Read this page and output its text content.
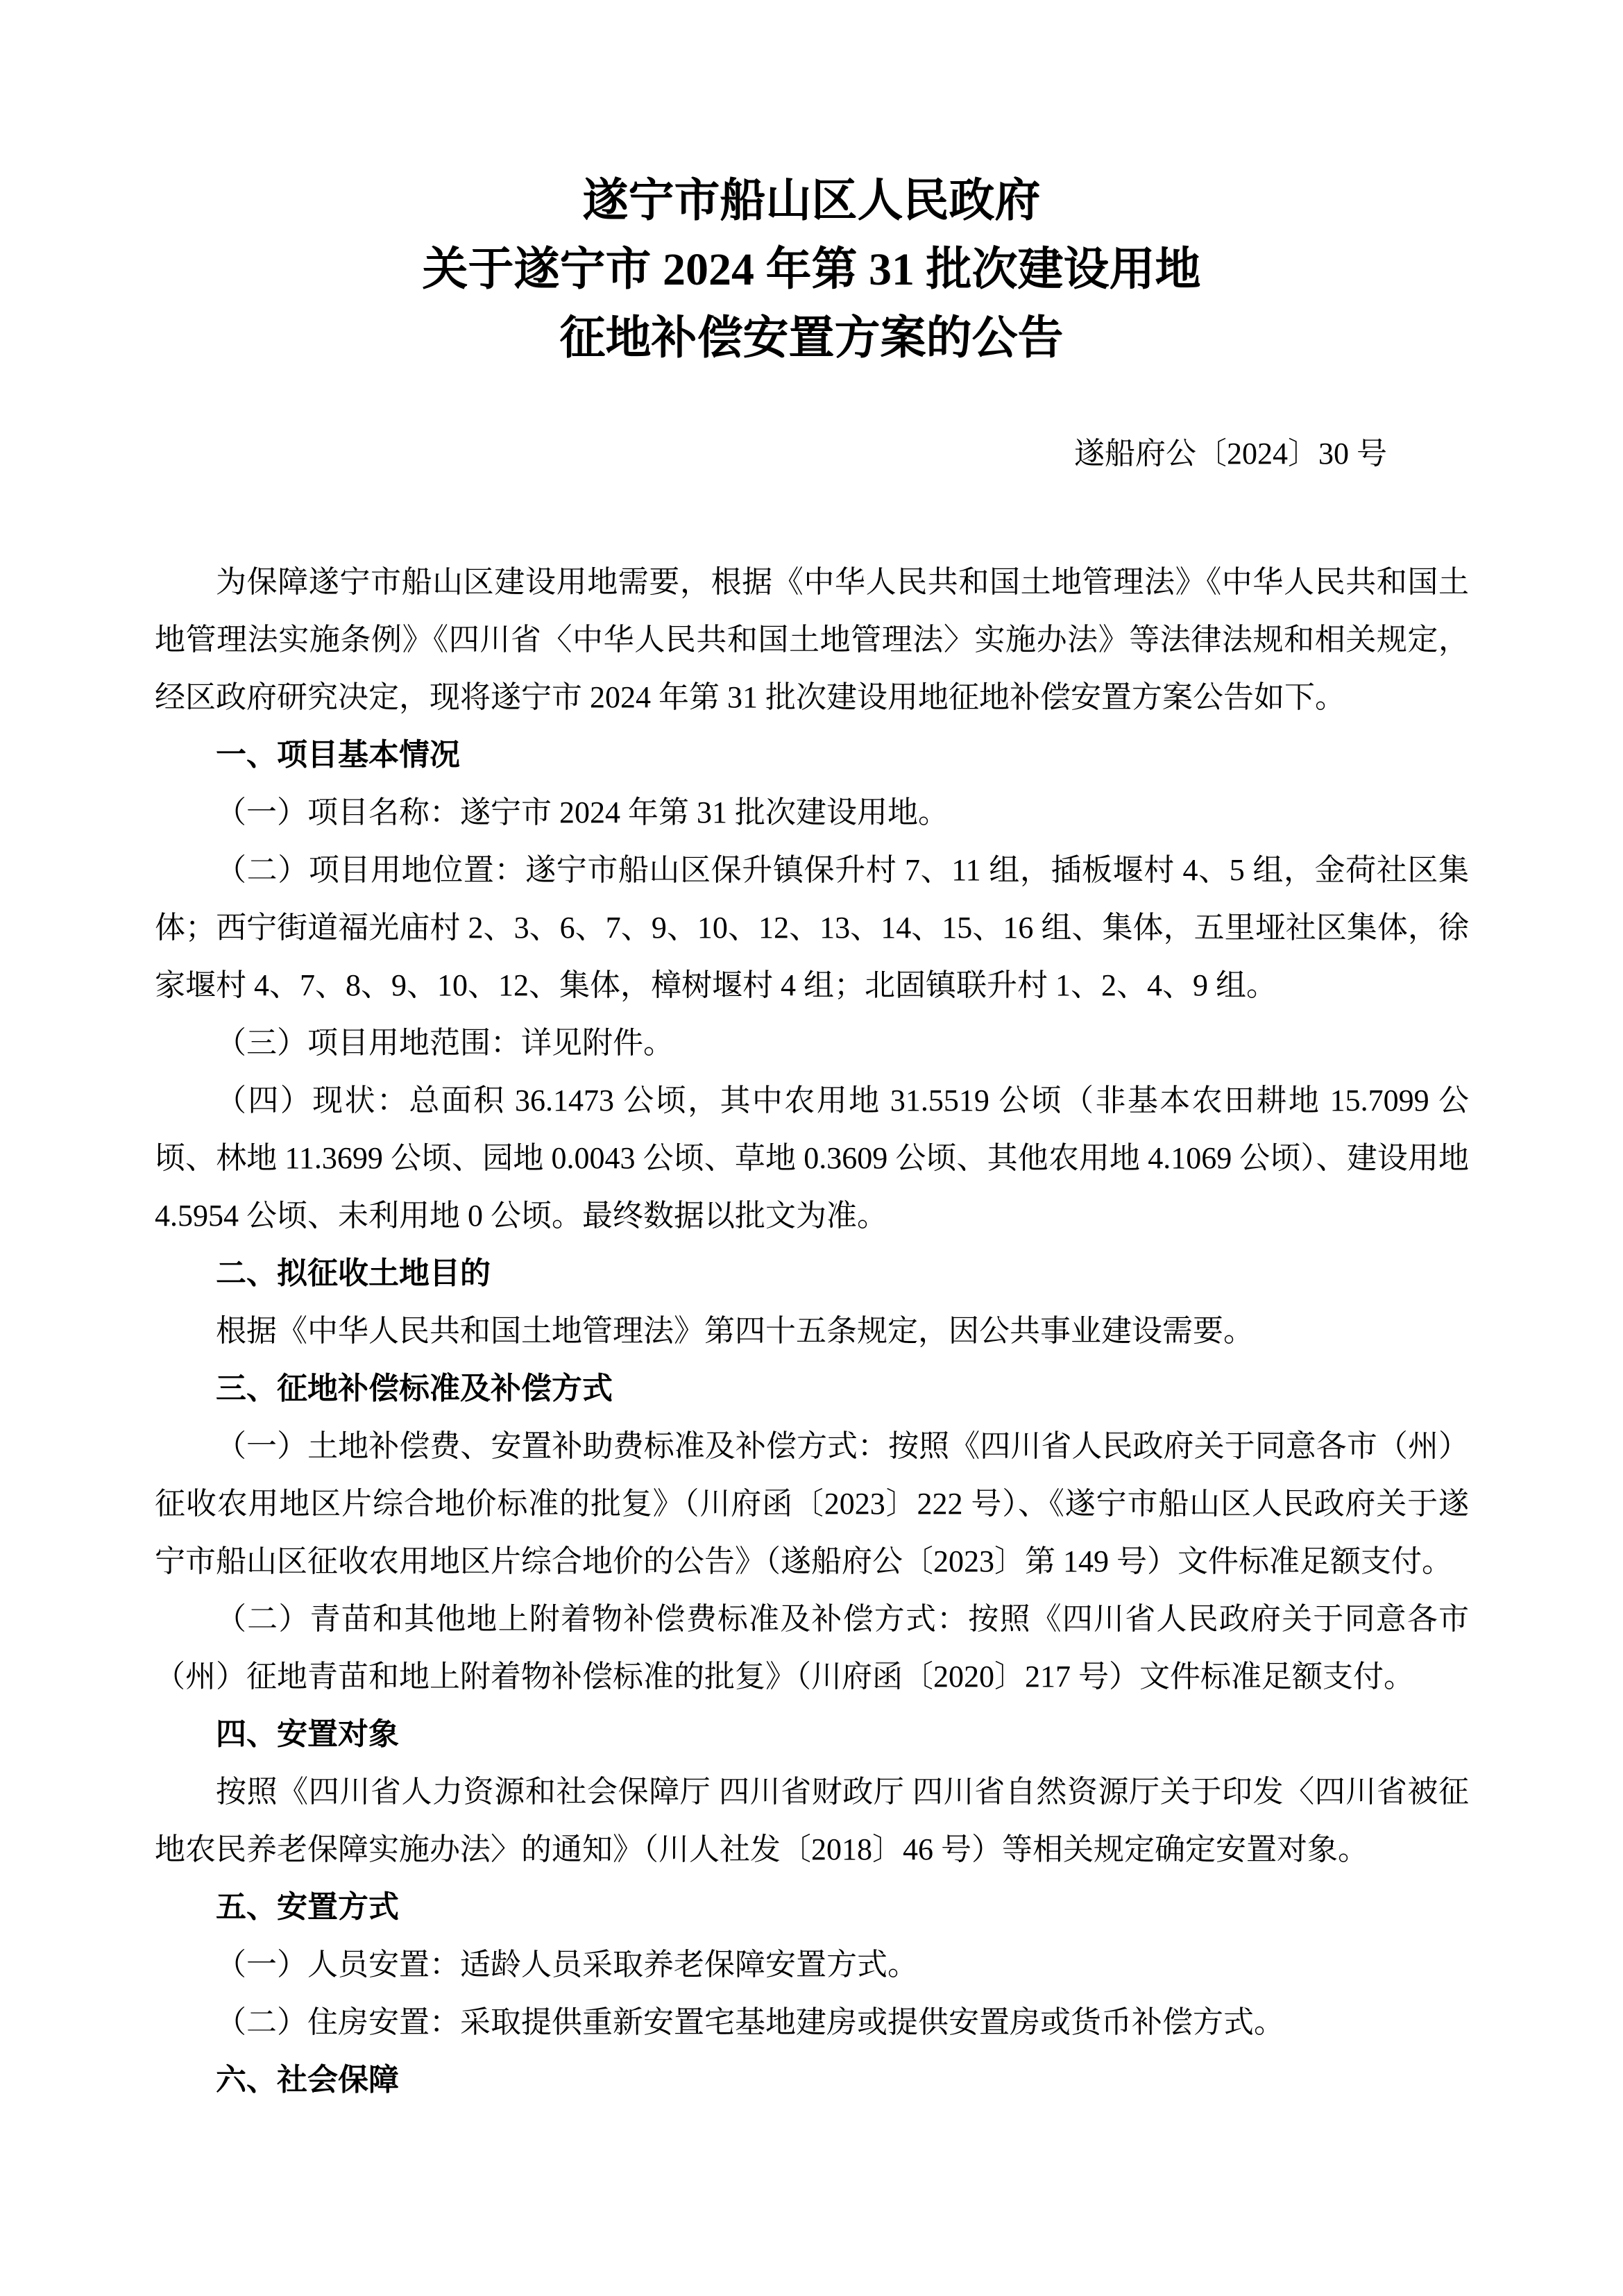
遂宁市船山区人民政府
关于遂宁市 2024 年第 31 批次建设用地
征地补偿安置方案的公告
遂船府公〔2024〕30 号

为保障遂宁市船山区建设用地需要，根据《中华人民共和国土地管理法》《中华人民共和国土地管理法实施条例》《四川省〈中华人民共和国土地管理法〉实施办法》等法律法规和相关规定，经区政府研究决定，现将遂宁市 2024 年第 31 批次建设用地征地补偿安置方案公告如下。

一、项目基本情况

（一）项目名称：遂宁市 2024 年第 31 批次建设用地。

（二）项目用地位置：遂宁市船山区保升镇保升村 7、11 组，插板堰村 4、5 组，金荷社区集体；西宁街道福光庙村 2、3、6、7、9、10、12、13、14、15、16 组、集体，五里垭社区集体，徐家堰村 4、7、8、9、10、12、集体，樟树堰村 4 组；北固镇联升村 1、2、4、9 组。

（三）项目用地范围：详见附件。

（四）现状：总面积 36.1473 公顷，其中农用地 31.5519 公顷（非基本农田耕地 15.7099 公顷、林地 11.3699 公顷、园地 0.0043 公顷、草地 0.3609 公顷、其他农用地 4.1069 公顷）、建设用地 4.5954 公顷、未利用地 0 公顷。最终数据以批文为准。

二、拟征收土地目的

根据《中华人民共和国土地管理法》第四十五条规定，因公共事业建设需要。

三、征地补偿标准及补偿方式

（一）土地补偿费、安置补助费标准及补偿方式：按照《四川省人民政府关于同意各市（州）征收农用地区片综合地价标准的批复》（川府函〔2023〕222 号）、《遂宁市船山区人民政府关于遂宁市船山区征收农用地区片综合地价的公告》（遂船府公〔2023〕第 149 号）文件标准足额支付。

（二）青苗和其他地上附着物补偿费标准及补偿方式：按照《四川省人民政府关于同意各市（州）征地青苗和地上附着物补偿标准的批复》（川府函〔2020〕217 号）文件标准足额支付。

四、安置对象

按照《四川省人力资源和社会保障厅 四川省财政厅 四川省自然资源厅关于印发〈四川省被征地农民养老保障实施办法〉的通知》（川人社发〔2018〕46 号）等相关规定确定安置对象。

五、安置方式

（一）人员安置：适龄人员采取养老保障安置方式。

（二）住房安置：采取提供重新安置宅基地建房或提供安置房或货币补偿方式。

六、社会保障
